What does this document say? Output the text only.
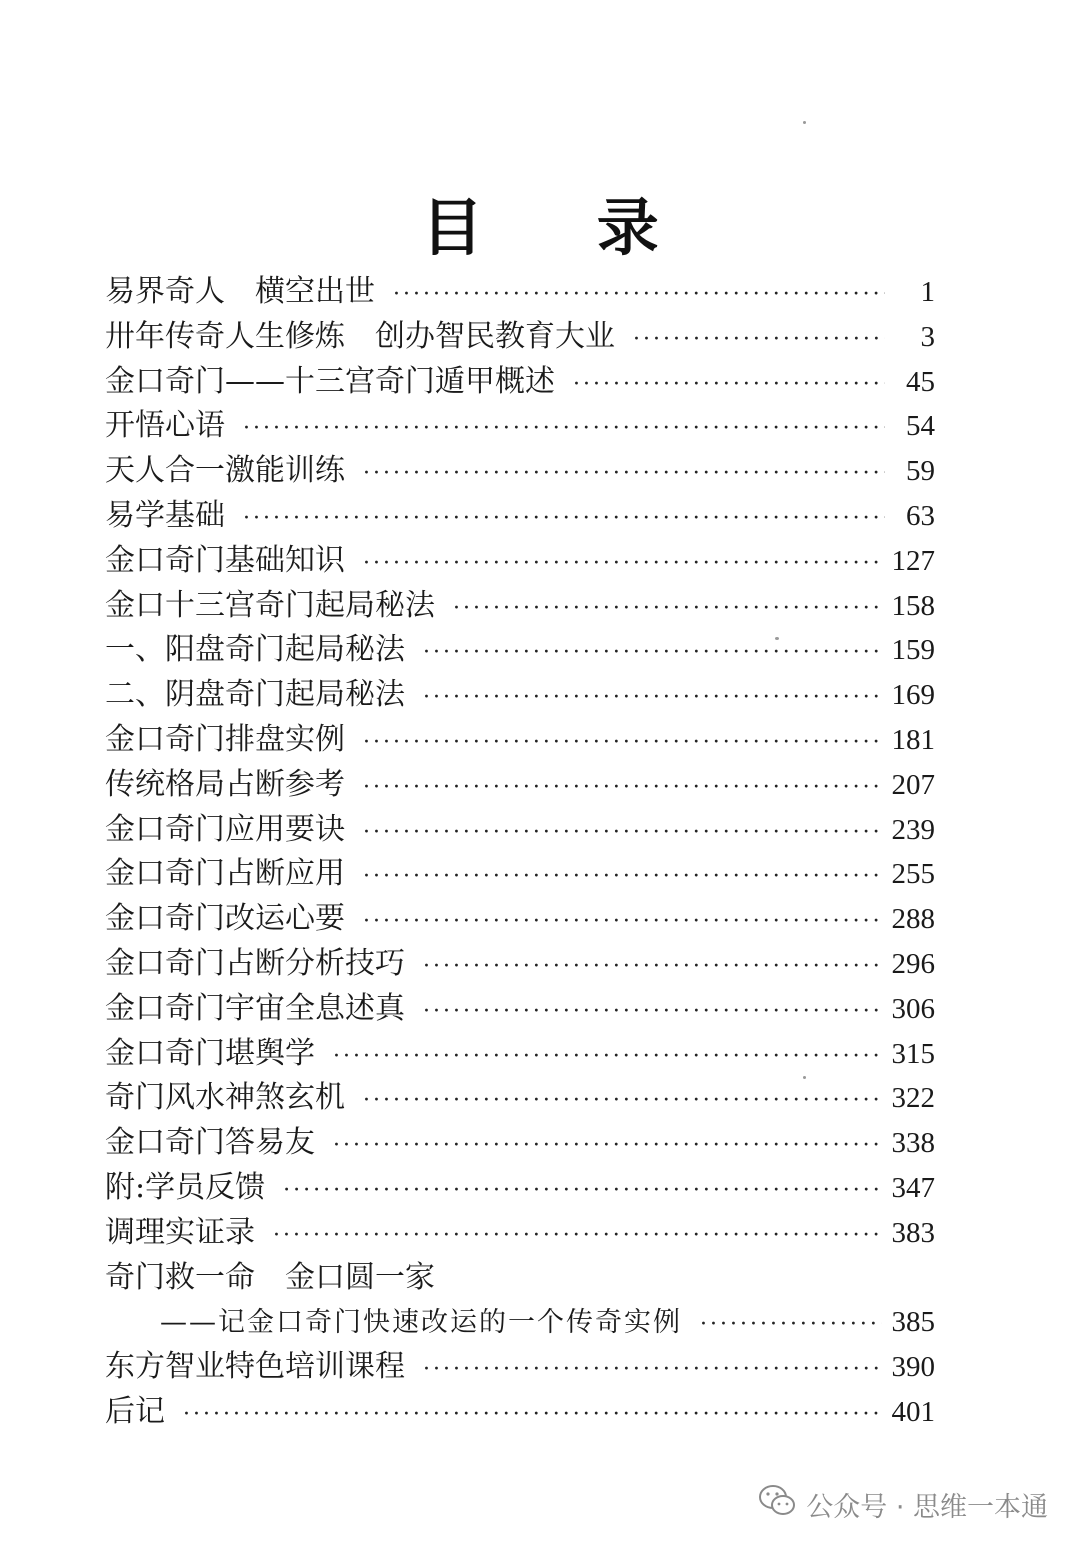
目 录
易界奇人　横空出世 ·····	1
卅年传奇人生修炼　创办智民教育大业 ·····	3
金口奇门——十三宫奇门遁甲概述 ·····	45
开悟心语 ·····	54
天人合一激能训练 ·····	59
易学基础 ·····	63
金口奇门基础知识 ·····	127
金口十三宫奇门起局秘法 ·····	158
一、阳盘奇门起局秘法 ·····	159
二、阴盘奇门起局秘法 ·····	169
金口奇门排盘实例 ·····	181
传统格局占断参考 ·····	207
金口奇门应用要诀 ·····	239
金口奇门占断应用 ·····	255
金口奇门改运心要 ·····	288
金口奇门占断分析技巧 ·····	296
金口奇门宇宙全息述真 ·····	306
金口奇门堪舆学 ·····	315
奇门风水神煞玄机 ·····	322
金口奇门答易友 ·····	338
附:学员反馈 ·····	347
调理实证录 ·····	383
奇门救一命　金口圆一家
——记金口奇门快速改运的一个传奇实例 ·····	385
东方智业特色培训课程 ·····	390
后记 ·····	401
公众号 · 思维一本通
